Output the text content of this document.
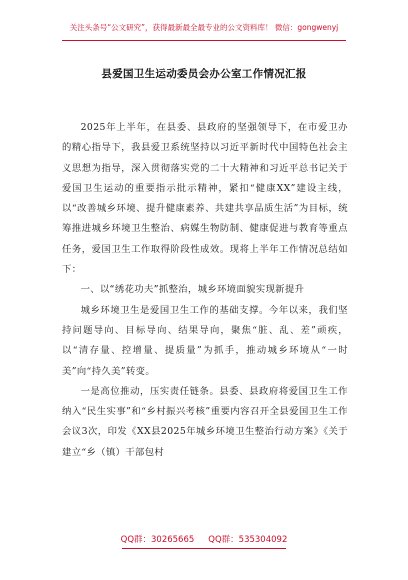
关注头条号“公文研究”，获得最新最全最专业的公文资料库！ 微信：gongwenyj
县爱国卫生运动委员会办公室工作情况汇报

2025年上半年，在县委、县政府的坚强领导下，在市爱卫办的精心指导下，我县爱卫系统坚持以习近平新时代中国特色社会主义思想为指导，深入贯彻落实党的二十大精神和习近平总书记关于爱国卫生运动的重要指示批示精神，紧扣“健康XX”建设主线，以“改善城乡环境、提升健康素养、共建共享品质生活”为目标，统筹推进城乡环境卫生整治、病媒生物防制、健康促进与教育等重点任务，爱国卫生工作取得阶段性成效。现将上半年工作情况总结如下：

一、以“绣花功夫”抓整治，城乡环境面貌实现新提升

城乡环境卫生是爱国卫生工作的基础支撑。今年以来，我们坚持问题导向、目标导向、结果导向，聚焦“脏、乱、差”顽疾，以“清存量、控增量、提质量”为抓手，推动城乡环境从“一时美”向“持久美”转变。

一是高位推动，压实责任链条。县委、县政府将爱国卫生工作纳入“民生实事”和“乡村振兴考核”重要内容召开全县爱国卫生工作会议3次，印发《XX县2025年城乡环境卫生整治行动方案》《关于建立“乡（镇）干部包村

QQ群：30265665 QQ群：535304092
